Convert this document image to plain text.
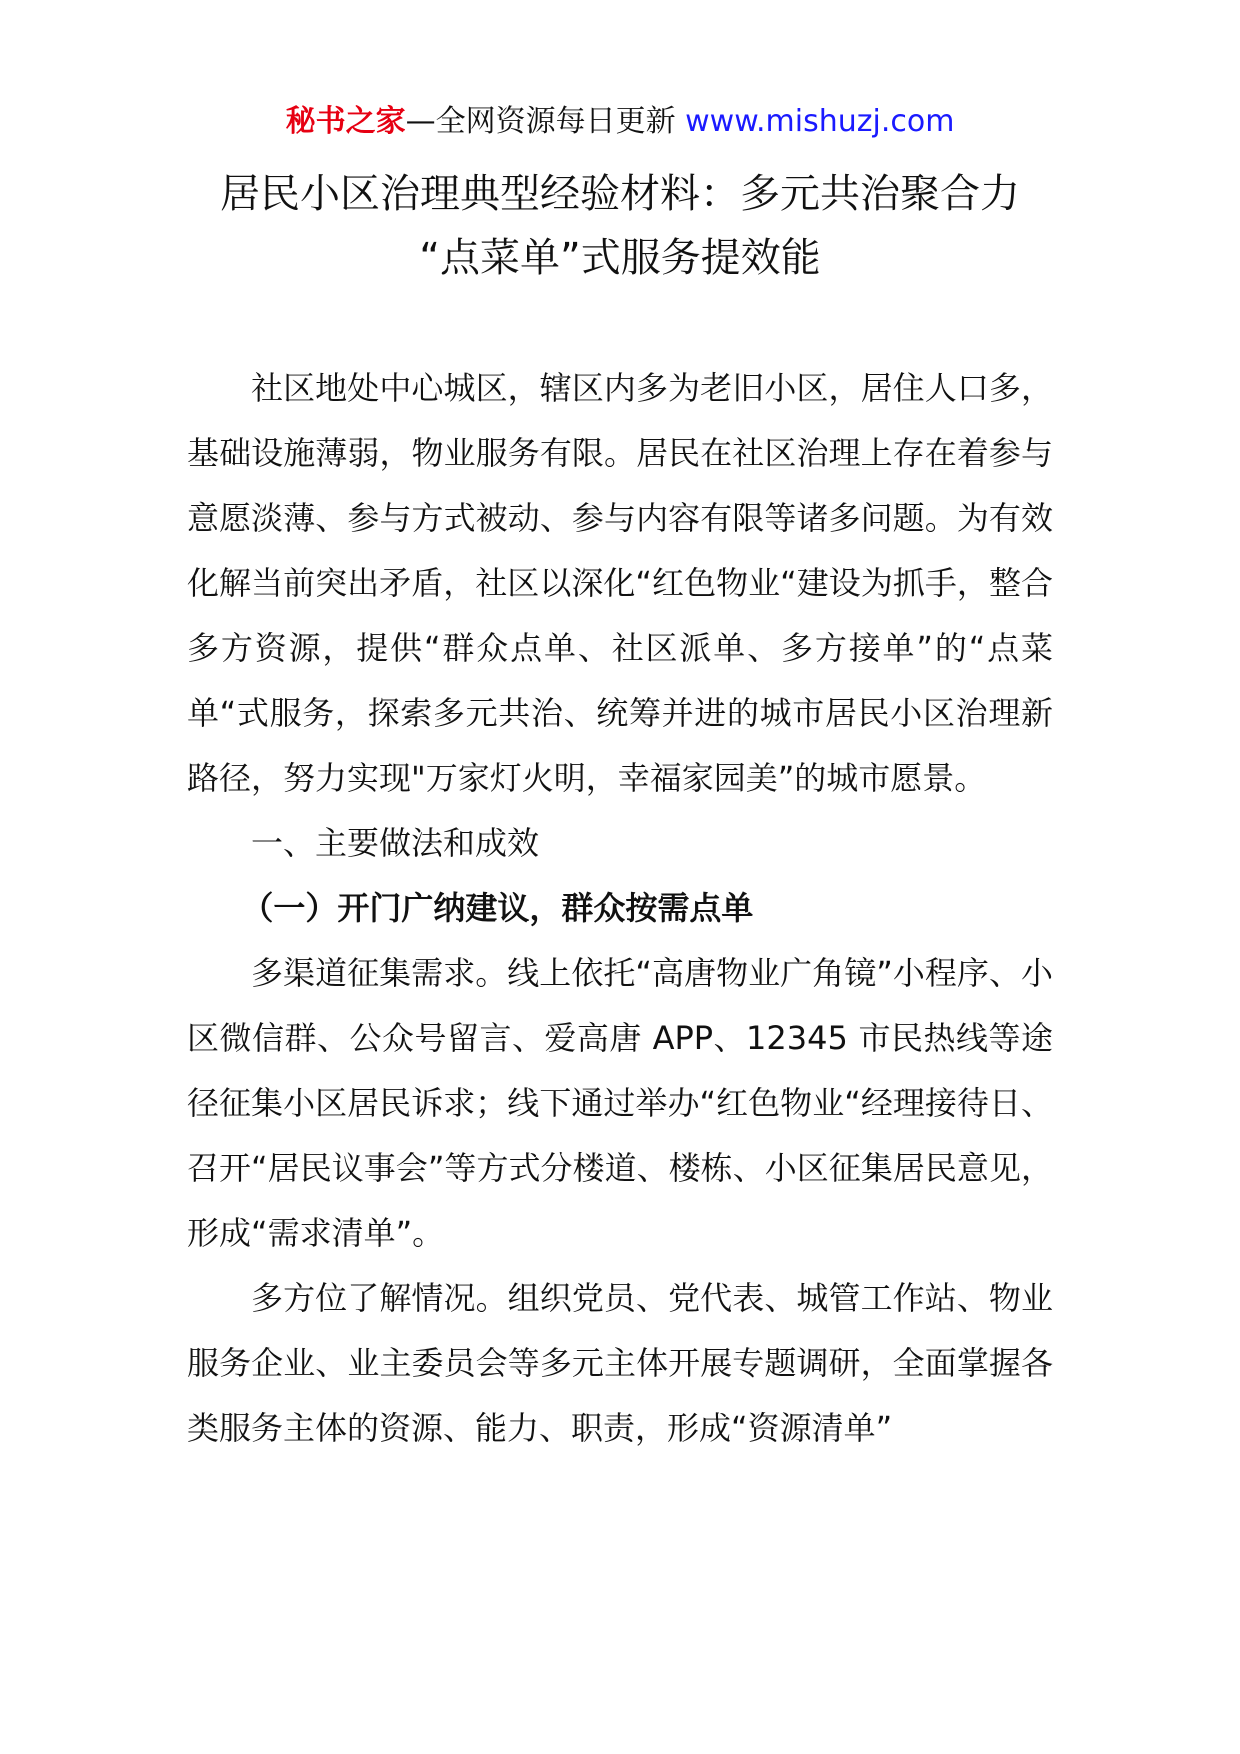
秘书之家—全网资源每日更新 www.mishuzj.com
居民小区治理典型经验材料：多元共治聚合力
“点菜单”式服务提效能

社区地处中心城区，辖区内多为老旧小区，居住人口多，基础设施薄弱，物业服务有限。居民在社区治理上存在着参与意愿淡薄、参与方式被动、参与内容有限等诸多问题。为有效化解当前突出矛盾，社区以深化“红色物业“建设为抓手，整合多方资源，提供“群众点单、社区派单、多方接单”的“点菜单“式服务，探索多元共治、统筹并进的城市居民小区治理新路径，努力实现"万家灯火明，幸福家园美”的城市愿景。

一、主要做法和成效

（一）开门广纳建议，群众按需点单

多渠道征集需求。线上依托“高唐物业广角镜”小程序、小区微信群、公众号留言、爱高唐 APP、12345 市民热线等途径征集小区居民诉求；线下通过举办“红色物业“经理接待日、召开“居民议事会”等方式分楼道、楼栋、小区征集居民意见，形成“需求清单”。

多方位了解情况。组织党员、党代表、城管工作站、物业服务企业、业主委员会等多元主体开展专题调研，全面掌握各类服务主体的资源、能力、职责，形成“资源清单”
